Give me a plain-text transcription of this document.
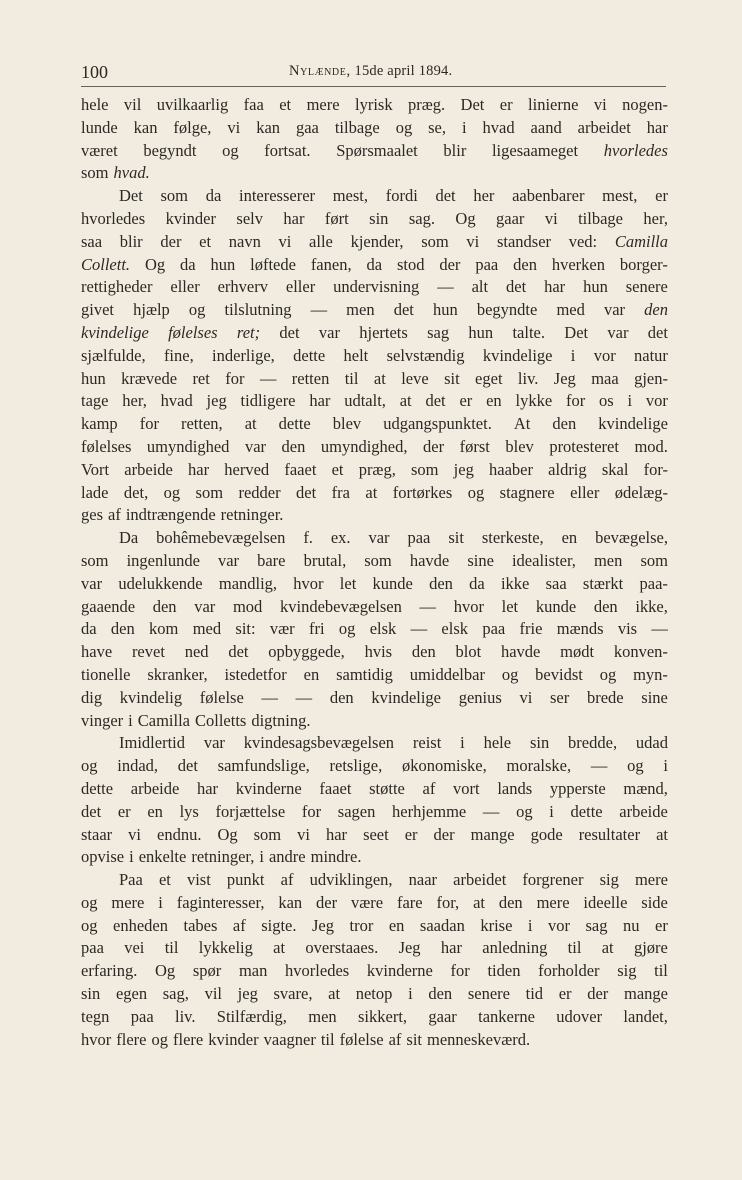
100	Nylænde, 15de april 1894.
hele vil uvilkaarlig faa et mere lyrisk præg. Det er linierne vi nogen-
lunde kan følge, vi kan gaa tilbage og se, i hvad aand arbeidet har
været begyndt og fortsat. Spørsmaalet blir ligesaameget hvorledes
som hvad.
Det som da interesserer mest, fordi det her aabenbarer mest, er
hvorledes kvinder selv har ført sin sag. Og gaar vi tilbage her,
saa blir der et navn vi alle kjender, som vi standser ved: Camilla
Collett. Og da hun løftede fanen, da stod der paa den hverken borger-
rettigheder eller erhverv eller undervisning — alt det har hun senere
givet hjælp og tilslutning — men det hun begyndte med var den
kvindelige følelses ret; det var hjertets sag hun talte. Det var det
sjælfulde, fine, inderlige, dette helt selvstændig kvindelige i vor natur
hun krævede ret for — retten til at leve sit eget liv. Jeg maa gjen-
tage her, hvad jeg tidligere har udtalt, at det er en lykke for os i vor
kamp for retten, at dette blev udgangspunktet. At den kvindelige
følelses umyndighed var den umyndighed, der først blev protesteret mod.
Vort arbeide har herved faaet et præg, som jeg haaber aldrig skal for-
lade det, og som redder det fra at fortørkes og stagnere eller ødelæg-
ges af indtrængende retninger.
Da bohêmebevægelsen f. ex. var paa sit sterkeste, en bevægelse,
som ingenlunde var bare brutal, som havde sine idealister, men som
var udelukkende mandlig, hvor let kunde den da ikke saa stærkt paa-
gaaende den var mod kvindebevægelsen — hvor let kunde den ikke,
da den kom med sit: vær fri og elsk — elsk paa frie mænds vis —
have revet ned det opbyggede, hvis den blot havde mødt konven-
tionelle skranker, istedetfor en samtidig umiddelbar og bevidst og myn-
dig kvindelig følelse — — den kvindelige genius vi ser brede sine
vinger i Camilla Colletts digtning.
Imidlertid var kvindesagsbevægelsen reist i hele sin bredde, udad
og indad, det samfundslige, retslige, økonomiske, moralske, — og i
dette arbeide har kvinderne faaet støtte af vort lands ypperste mænd,
det er en lys forjættelse for sagen herhjemme — og i dette arbeide
staar vi endnu. Og som vi har seet er der mange gode resultater at
opvise i enkelte retninger, i andre mindre.
Paa et vist punkt af udviklingen, naar arbeidet forgrener sig mere
og mere i faginteresser, kan der være fare for, at den mere ideelle side
og enheden tabes af sigte. Jeg tror en saadan krise i vor sag nu er
paa vei til lykkelig at overstaaes. Jeg har anledning til at gjøre
erfaring. Og spør man hvorledes kvinderne for tiden forholder sig til
sin egen sag, vil jeg svare, at netop i den senere tid er der mange
tegn paa liv. Stilfærdig, men sikkert, gaar tankerne udover landet,
hvor flere og flere kvinder vaagner til følelse af sit menneskeværd.
